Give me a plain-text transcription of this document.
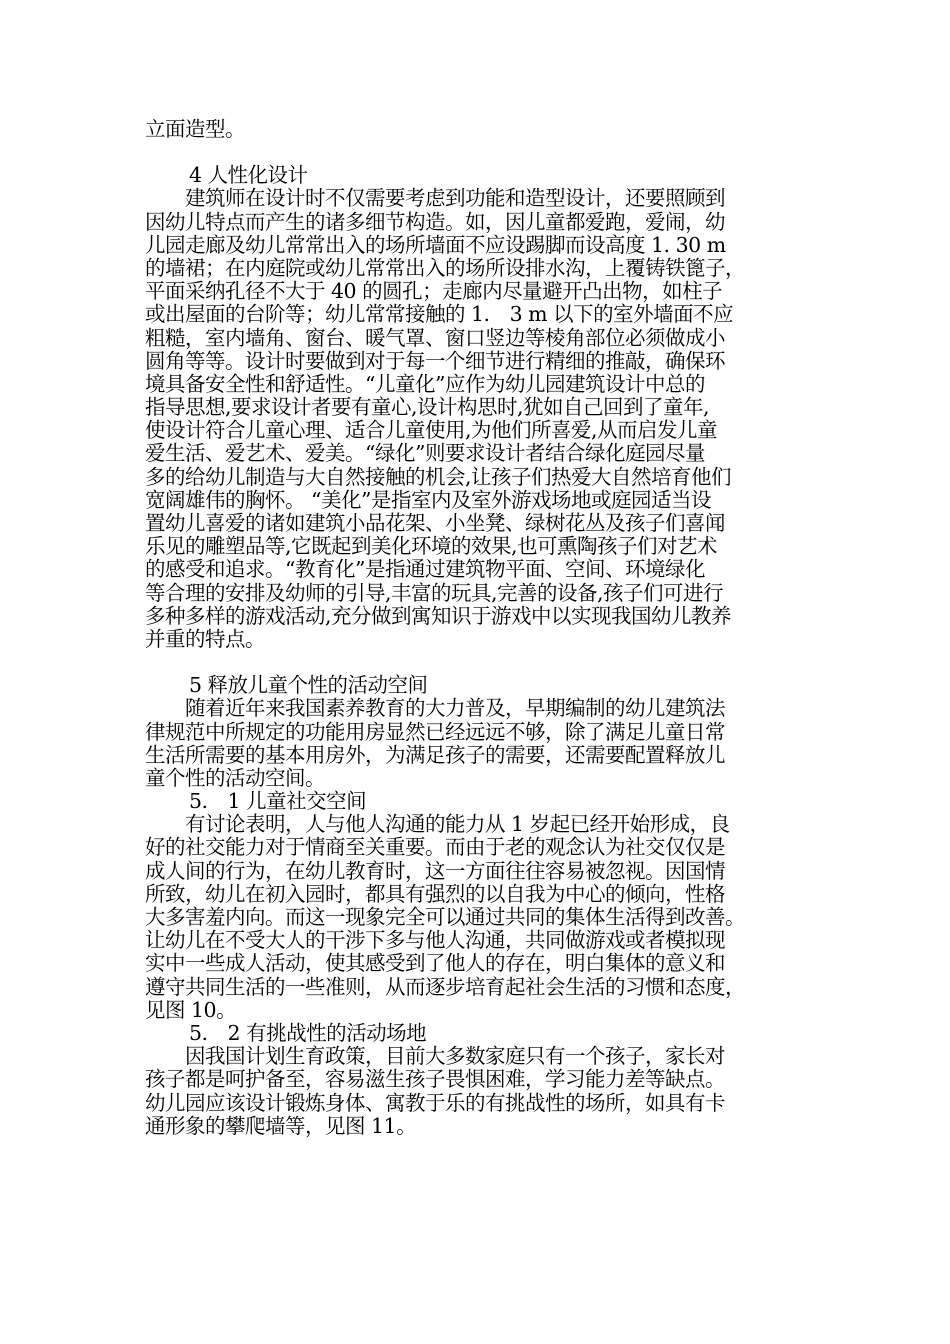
立面造型。
4 人性化设计
　　建筑师在设计时不仅需要考虑到功能和造型设计，还要照顾到
因幼儿特点而产生的诸多细节构造。如，因儿童都爱跑，爱闹，幼
儿园走廊及幼儿常常出入的场所墙面不应设踢脚而设高度 1. 30 m
的墙裙；在内庭院或幼儿常常出入的场所设排水沟，上覆铸铁篦子，
平面采纳孔径不大于 40 的圆孔；走廊内尽量避开凸出物，如柱子
或出屋面的台阶等；幼儿常常接触的 1.　3 m 以下的室外墙面不应
粗糙，室内墙角、窗台、暖气罩、窗口竖边等棱角部位必须做成小
圆角等等。设计时要做到对于每一个细节进行精细的推敲，确保环
境具备安全性和舒适性。“儿童化”应作为幼儿园建筑设计中总的
指导思想,要求设计者要有童心,设计构思时,犹如自己回到了童年,
使设计符合儿童心理、适合儿童使用,为他们所喜爱,从而启发儿童
爱生活、爱艺术、爱美。“绿化”则要求设计者结合绿化庭园尽量
多的给幼儿制造与大自然接触的机会,让孩子们热爱大自然培育他们
宽阔雄伟的胸怀。 “美化”是指室内及室外游戏场地或庭园适当设
置幼儿喜爱的诸如建筑小品花架、小坐凳、绿树花丛及孩子们喜闻
乐见的雕塑品等,它既起到美化环境的效果,也可熏陶孩子们对艺术
的感受和追求。“教育化”是指通过建筑物平面、空间、环境绿化
等合理的安排及幼师的引导,丰富的玩具,完善的设备,孩子们可进行
多种多样的游戏活动,充分做到寓知识于游戏中以实现我国幼儿教养
并重的特点。
5 释放儿童个性的活动空间
　　随着近年来我国素养教育的大力普及，早期编制的幼儿建筑法
律规范中所规定的功能用房显然已经远远不够，除了满足儿童日常
生活所需要的基本用房外，为满足孩子的需要，还需要配置释放儿
童个性的活动空间。
5.　1 儿童社交空间
　　有讨论表明，人与他人沟通的能力从 1 岁起已经开始形成，良
好的社交能力对于情商至关重要。而由于老的观念认为社交仅仅是
成人间的行为，在幼儿教育时，这一方面往往容易被忽视。因国情
所致，幼儿在初入园时，都具有强烈的以自我为中心的倾向，性格
大多害羞内向。而这一现象完全可以通过共同的集体生活得到改善。
让幼儿在不受大人的干涉下多与他人沟通，共同做游戏或者模拟现
实中一些成人活动，使其感受到了他人的存在，明白集体的意义和
遵守共同生活的一些准则，从而逐步培育起社会生活的习惯和态度，
见图 10。
5.　2 有挑战性的活动场地
　　因我国计划生育政策，目前大多数家庭只有一个孩子，家长对
孩子都是呵护备至，容易滋生孩子畏惧困难，学习能力差等缺点。
幼儿园应该设计锻炼身体、寓教于乐的有挑战性的场所，如具有卡
通形象的攀爬墙等，见图 11。
